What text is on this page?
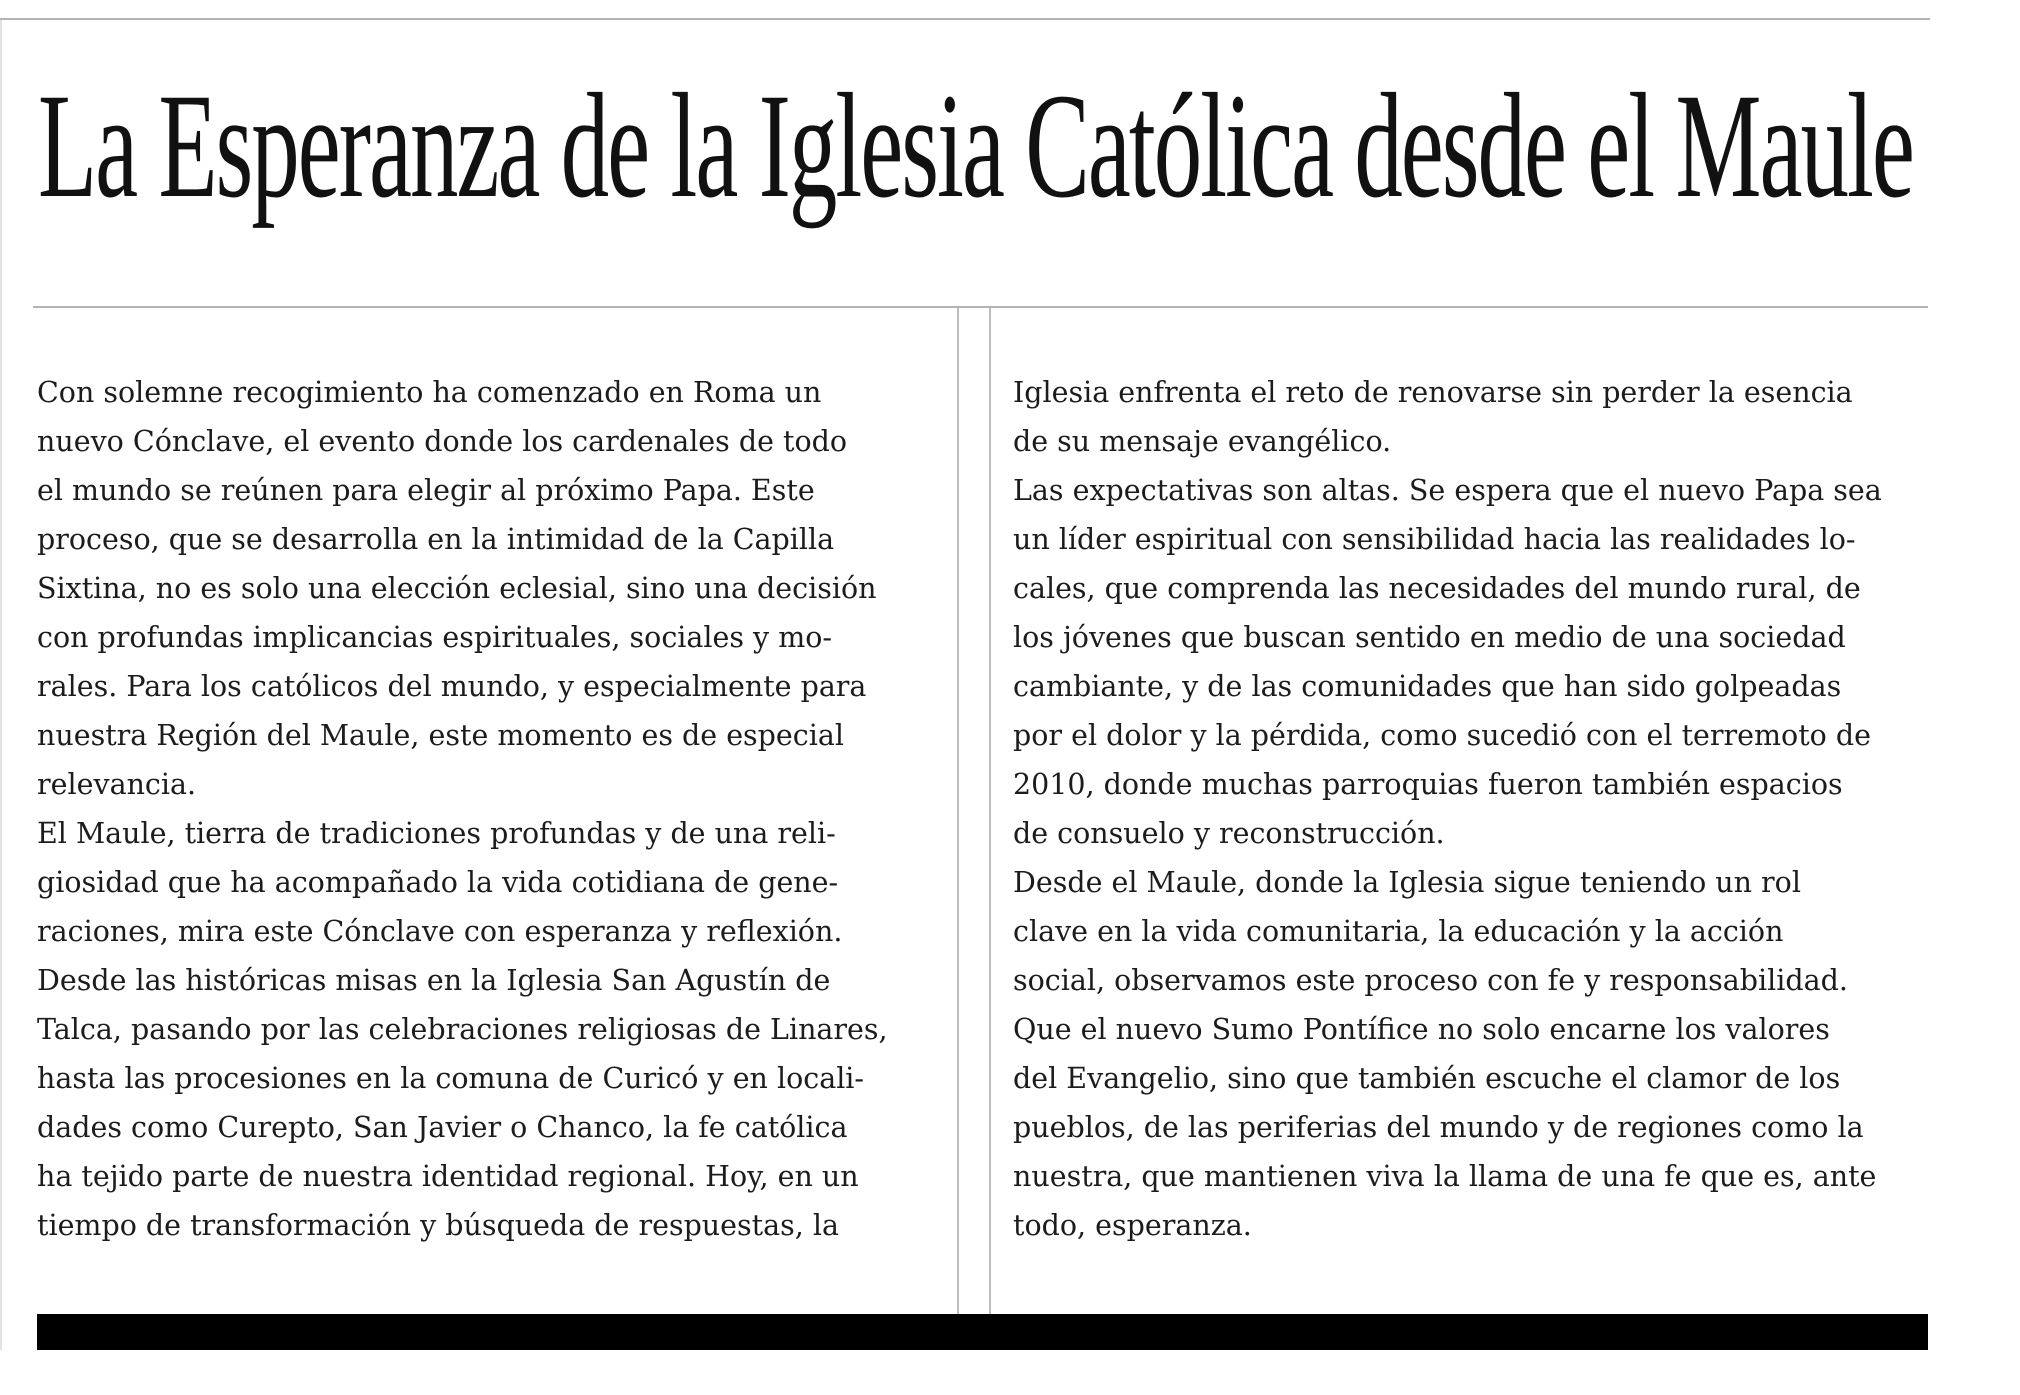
La Esperanza de la Iglesia Católica desde el Maule
Con solemne recogimiento ha comenzado en Roma un
nuevo Cónclave, el evento donde los cardenales de todo
el mundo se reúnen para elegir al próximo Papa. Este
proceso, que se desarrolla en la intimidad de la Capilla
Sixtina, no es solo una elección eclesial, sino una decisión
con profundas implicancias espirituales, sociales y mo-
rales. Para los católicos del mundo, y especialmente para
nuestra Región del Maule, este momento es de especial
relevancia.
El Maule, tierra de tradiciones profundas y de una reli-
giosidad que ha acompañado la vida cotidiana de gene-
raciones, mira este Cónclave con esperanza y reflexión.
Desde las históricas misas en la Iglesia San Agustín de
Talca, pasando por las celebraciones religiosas de Linares,
hasta las procesiones en la comuna de Curicó y en locali-
dades como Curepto, San Javier o Chanco, la fe católica
ha tejido parte de nuestra identidad regional. Hoy, en un
tiempo de transformación y búsqueda de respuestas, la
Iglesia enfrenta el reto de renovarse sin perder la esencia
de su mensaje evangélico.
Las expectativas son altas. Se espera que el nuevo Papa sea
un líder espiritual con sensibilidad hacia las realidades lo-
cales, que comprenda las necesidades del mundo rural, de
los jóvenes que buscan sentido en medio de una sociedad
cambiante, y de las comunidades que han sido golpeadas
por el dolor y la pérdida, como sucedió con el terremoto de
2010, donde muchas parroquias fueron también espacios
de consuelo y reconstrucción.
Desde el Maule, donde la Iglesia sigue teniendo un rol
clave en la vida comunitaria, la educación y la acción
social, observamos este proceso con fe y responsabilidad.
Que el nuevo Sumo Pontífice no solo encarne los valores
del Evangelio, sino que también escuche el clamor de los
pueblos, de las periferias del mundo y de regiones como la
nuestra, que mantienen viva la llama de una fe que es, ante
todo, esperanza.
